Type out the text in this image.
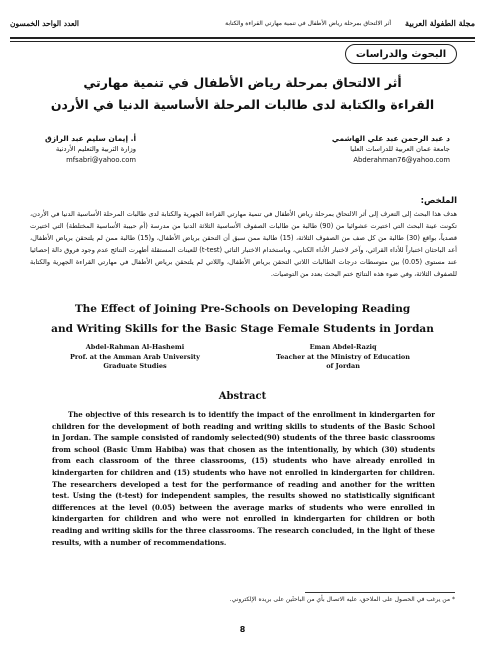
العدد الواحد الخمسون	مجلة الطفولة العربية
أثر الالتحاق بمرحلة رياض الأطفال في تنمية مهارتي القراءة والكتابة
البحوث والدراسات
أثر الالتحاق بمرحلة رياض الأطفال في تنمية مهارتي
القراءة والكتابة لدى طالبات المرحلة الأساسية الدنيا في الأردن
د عبد الرحمن عبد علي الهاشمي
جامعة عمان العربية للدراسات العليا
Abderahman76@yahoo.com
أ. إيمان سليم عبد الرازق
وزارة التربية والتعليم الأردنية
mfsabri@yahoo.com
الملخص:
هدف هذا البحث إلى التعرف إلى أثر الالتحاق بمرحلة رياض الأطفال في تنمية مهارتي القراءة الجهرية والكتابة لدى طالبات المرحلة الأساسية الدنيا في الأردن، تكونت عينة البحث التي اختيرت عشوائيا من (90) طالبة من طالبات الصفوف الأساسية الثلاثة الدنيا من مدرسة (أم حبيبة الأساسية المختلطة) التي اختيرت قصدياً، بواقع (30) طالبة من كل صف من الصفوف الثلاثة، (15) طالبة ممن سبق أن التحقن برياض الأطفال، و(15) طالبة ممن لم يلتحقن برياض الأطفال، أعد الباحثان اختباراً للأداء القرائي، وآخر لاختبار الأداء الكتابي، وباستخدام الاختبار التائي (t-test) للعينات المستقلة أظهرت النتائج عدم وجود فروق دالة إحصائيا عند مستوى (0.05) بين متوسطات درجات الطالبات اللاتي التحقن برياض الأطفال، واللاتي لم يلتحقن برياض الأطفال في مهارتي القراءة الجهرية والكتابة للصفوف الثلاثة، وفي ضوء هذه النتائج ختم البحث بعدد من التوصيات.
The Effect of Joining Pre-Schools on Developing Reading
and Writing Skills for the Basic Stage Female Students in Jordan
Abdel-Rahman Al-Hashemi
Prof. at the Amman Arab University
Graduate Studies
Eman Abdel-Raziq
Teacher at the Ministry of Education
of Jordan
Abstract
The objective of this research is to identify the impact of the enrollment in kindergarten for children for the development of both reading and writing skills to students of the Basic School in Jordan. The sample consisted of randomly selected(90) students of the three basic classrooms from school (Basic Umm Habiba) was that chosen as the intentionally, by which (30) students from each classroom of the three classrooms, (15) students who have already enrolled in kindergarten for children and (15) students who have not enrolled in kindergarten for children. The researchers developed a test for the performance of reading and another for the written test. Using the (t-test) for independent samples, the results showed no statistically significant differences at the level (0.05) between the average marks of students who were enrolled in kindergarten for children and who were not enrolled in kindergarten for children or both reading and writing skills for the three classrooms. The research concluded, in the light of these results, with a number of recommendations.
* من يرغب في الحصول على الملاحق، عليه الاتصال بأي من الباحثَين على بريده الإلكتروني.
8
